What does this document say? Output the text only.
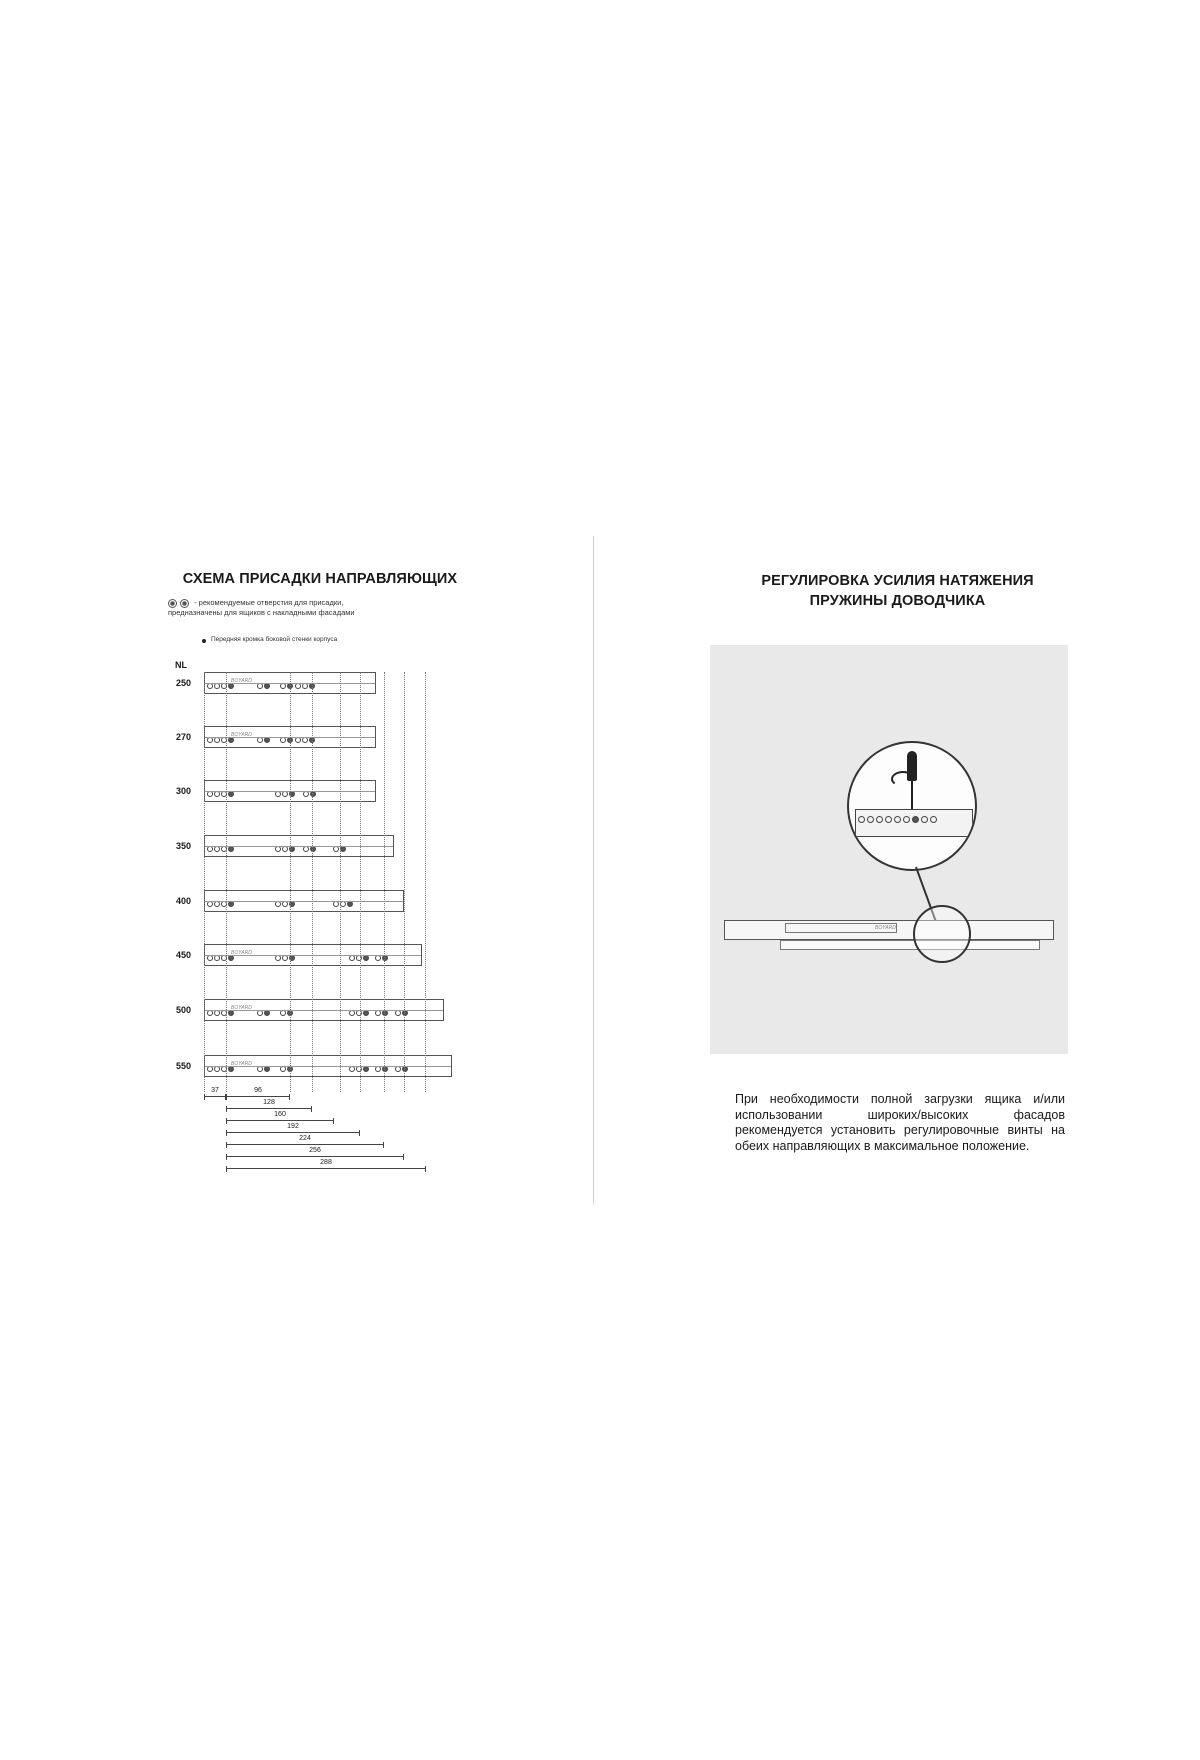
СХЕМА ПРИСАДКИ НАПРАВЛЯЮЩИХ
- рекомендуемые отверстия для присадки,
предназначены для ящиков с накладными фасадами
Передняя кромка боковой стенки корпуса
NL
250	BOYARD
270	BOYARD
300
350
400
450	BOYARD
500	BOYARD
550	BOYARD
37	96
128
160
192
224
256
288
РЕГУЛИРОВКА УСИЛИЯ НАТЯЖЕНИЯ
ПРУЖИНЫ ДОВОДЧИКА
BOYARD

При необходимости полной загрузки ящика и/или использовании широких/высоких фасадов рекомендуется установить регулировочные винты на обеих направляющих в максимальное положение.
